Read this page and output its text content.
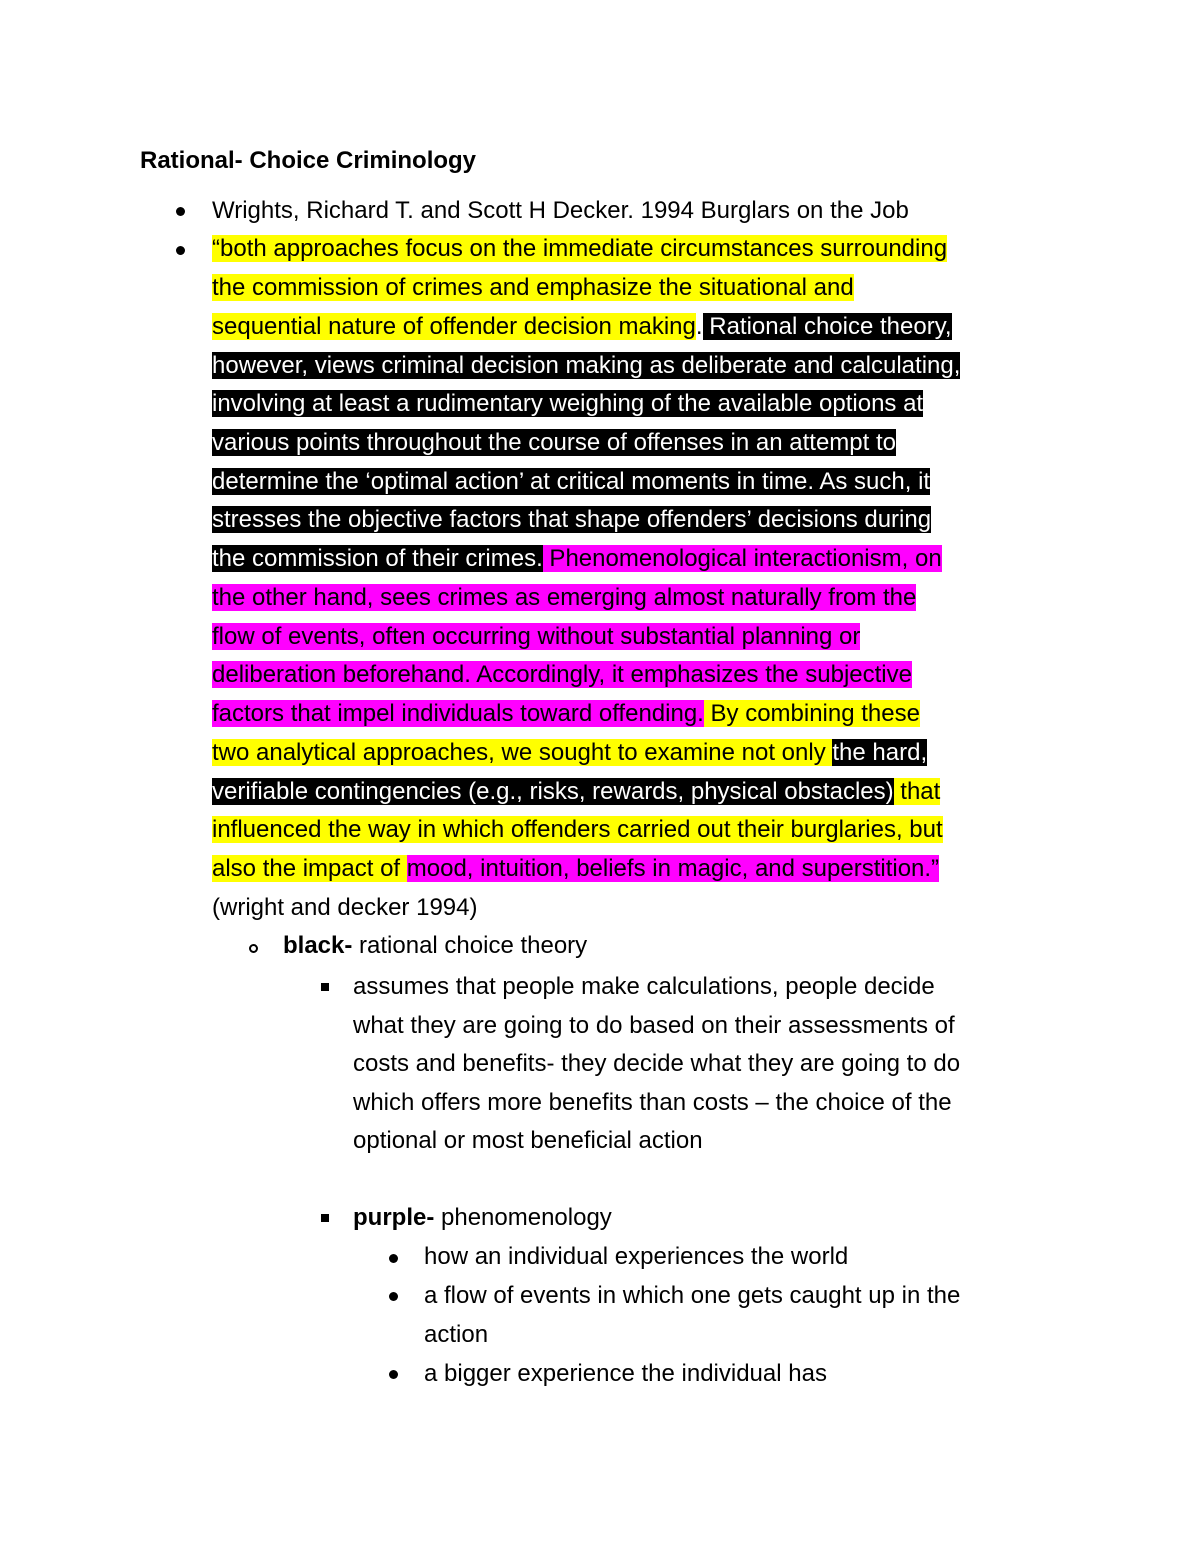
Rational- Choice Criminology
Wrights, Richard T. and Scott H Decker. 1994 Burglars on the Job
“both approaches focus on the immediate circumstances surrounding
the commission of crimes and emphasize the situational and
sequential nature of offender decision making. Rational choice theory,
however, views criminal decision making as deliberate and calculating,
involving at least a rudimentary weighing of the available options at
various points throughout the course of offenses in an attempt to
determine the ‘optimal action’ at critical moments in time. As such, it
stresses the objective factors that shape offenders’ decisions during
the commission of their crimes. Phenomenological interactionism, on
the other hand, sees crimes as emerging almost naturally from the
flow of events, often occurring without substantial planning or
deliberation beforehand. Accordingly, it emphasizes the subjective
factors that impel individuals toward offending. By combining these
two analytical approaches, we sought to examine not only the hard,
verifiable contingencies (e.g., risks, rewards, physical obstacles) that
influenced the way in which offenders carried out their burglaries, but
also the impact of mood, intuition, beliefs in magic, and superstition.”
(wright and decker 1994)
black- rational choice theory
assumes that people make calculations, people decide
what they are going to do based on their assessments of
costs and benefits- they decide what they are going to do
which offers more benefits than costs – the choice of the
optional or most beneficial action
purple- phenomenology
how an individual experiences the world
a flow of events in which one gets caught up in the
action
a bigger experience the individual has
